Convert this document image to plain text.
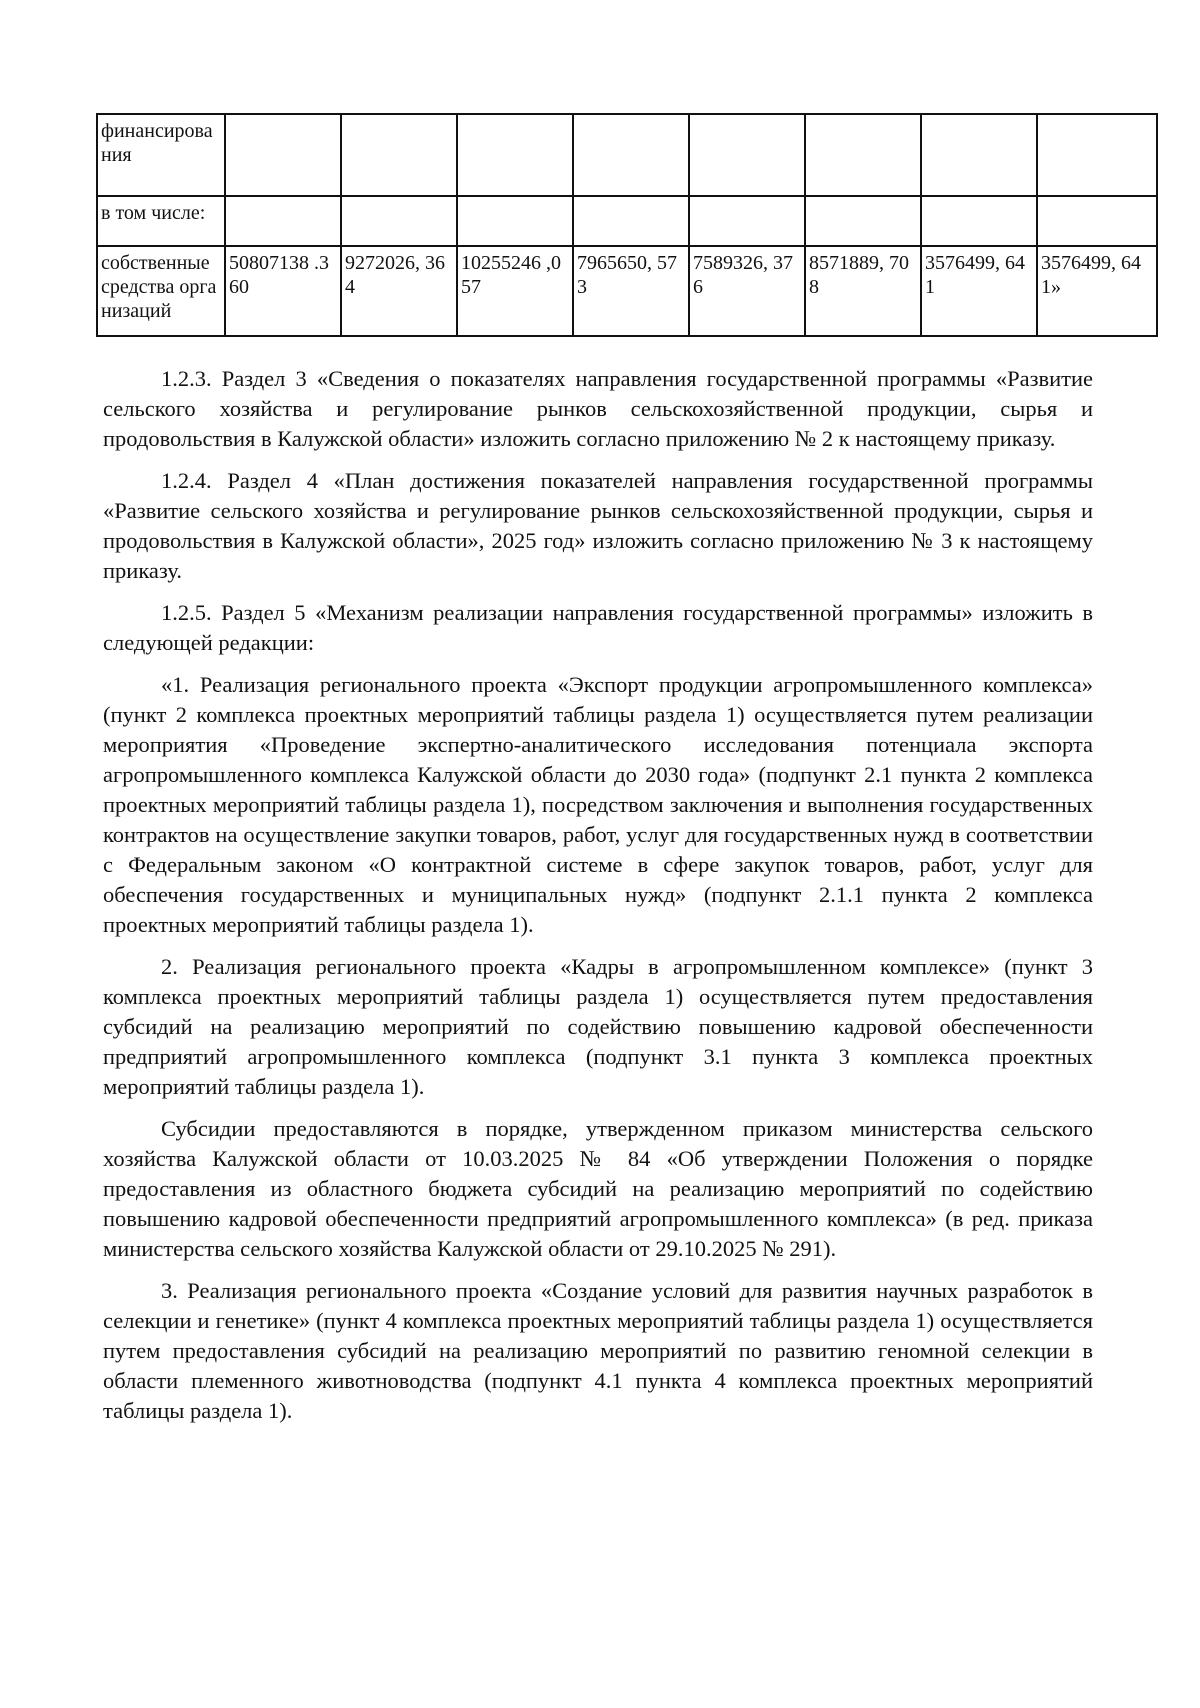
финансирова ния								
в том числе:								
собственные средства организаций	50807138 .360	9272026, 364	10255246 ,057	7965650, 573	7589326, 376	8571889, 708	3576499, 641	3576499, 641»

1.2.3. Раздел 3 «Сведения о показателях направления государственной программы «Развитие сельского хозяйства и регулирование рынков сельскохозяйственной продукции, сырья и продовольствия в Калужской области» изложить согласно приложению № 2 к настоящему приказу.

1.2.4. Раздел 4 «План достижения показателей направления государственной программы «Развитие сельского хозяйства и регулирование рынков сельскохозяйственной продукции, сырья и продовольствия в Калужской области», 2025 год» изложить согласно приложению № 3 к настоящему приказу.

1.2.5. Раздел 5 «Механизм реализации направления государственной программы» изложить в следующей редакции:

«1. Реализация регионального проекта «Экспорт продукции агропромышленного комплекса» (пункт 2 комплекса проектных мероприятий таблицы раздела 1) осуществляется путем реализации мероприятия «Проведение экспертно-аналитического исследования потенциала экспорта агропромышленного комплекса Калужской области до 2030 года» (подпункт 2.1 пункта 2 комплекса проектных мероприятий таблицы раздела 1), посредством заключения и выполнения государственных контрактов на осуществление закупки товаров, работ, услуг для государственных нужд в соответствии с Федеральным законом «О контрактной системе в сфере закупок товаров, работ, услуг для обеспечения государственных и муниципальных нужд» (подпункт 2.1.1 пункта 2 комплекса проектных мероприятий таблицы раздела 1).

2. Реализация регионального проекта «Кадры в агропромышленном комплексе» (пункт 3 комплекса проектных мероприятий таблицы раздела 1) осуществляется путем предоставления субсидий на реализацию мероприятий по содействию повышению кадровой обеспеченности предприятий агропромышленного комплекса (подпункт 3.1 пункта 3 комплекса проектных мероприятий таблицы раздела 1).

Субсидии предоставляются в порядке, утвержденном приказом министерства сельского хозяйства Калужской области от 10.03.2025 № 84 «Об утверждении Положения о порядке предоставления из областного бюджета субсидий на реализацию мероприятий по содействию повышению кадровой обеспеченности предприятий агропромышленного комплекса» (в ред. приказа министерства сельского хозяйства Калужской области от 29.10.2025 № 291).

3. Реализация регионального проекта «Создание условий для развития научных разработок в селекции и генетике» (пункт 4 комплекса проектных мероприятий таблицы раздела 1) осуществляется путем предоставления субсидий на реализацию мероприятий по развитию геномной селекции в области племенного животноводства (подпункт 4.1 пункта 4 комплекса проектных мероприятий таблицы раздела 1).
